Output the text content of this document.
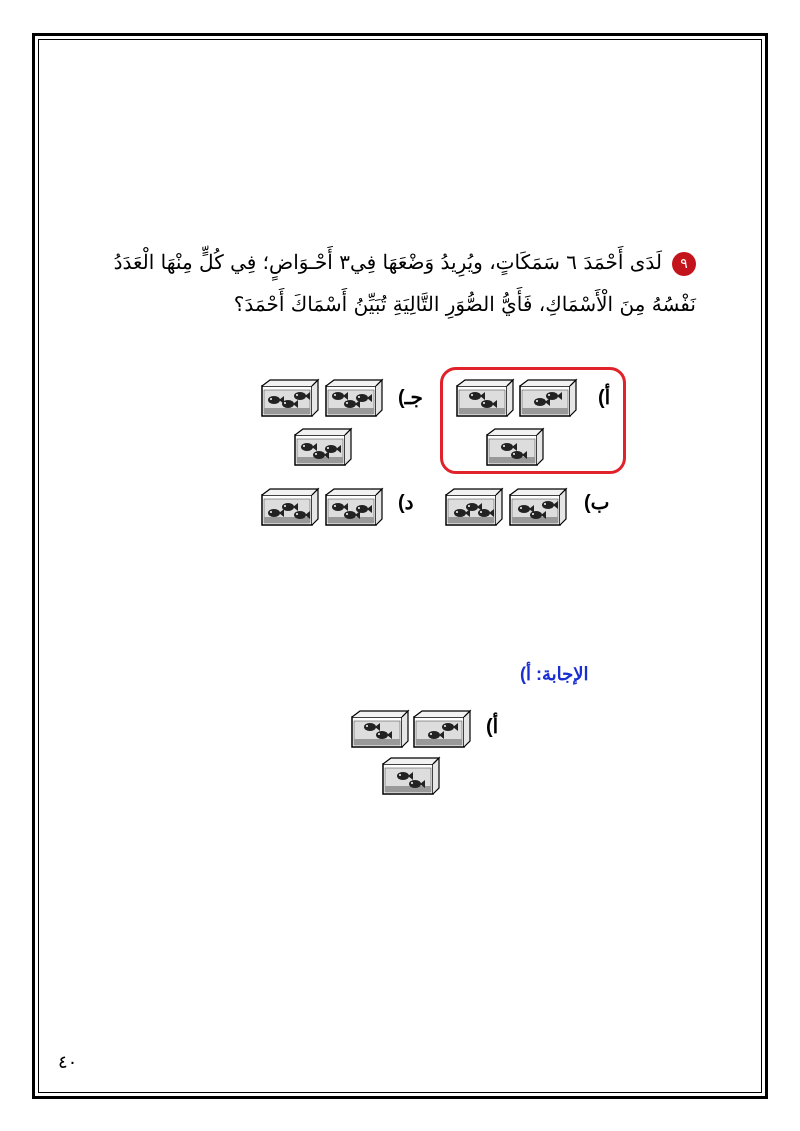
٩لَدَى أَحْمَدَ ٦ سَمَكَاتٍ، ويُرِيدُ وَضْعَهَا فِي٣ أَحْـوَاضٍ؛ فِي كُلٍّ مِنْهَا الْعَدَدُ
نَفْسُهُ مِنَ الْأَسْمَاكِ، فَأَيُّ الصُّوَرِ التَّالِيَةِ تُبَيِّنُ أَسْمَاكَ أَحْمَدَ؟
أ)
جـ)
ب)
د)
الإجابة: أ)
أ)
٤٠
